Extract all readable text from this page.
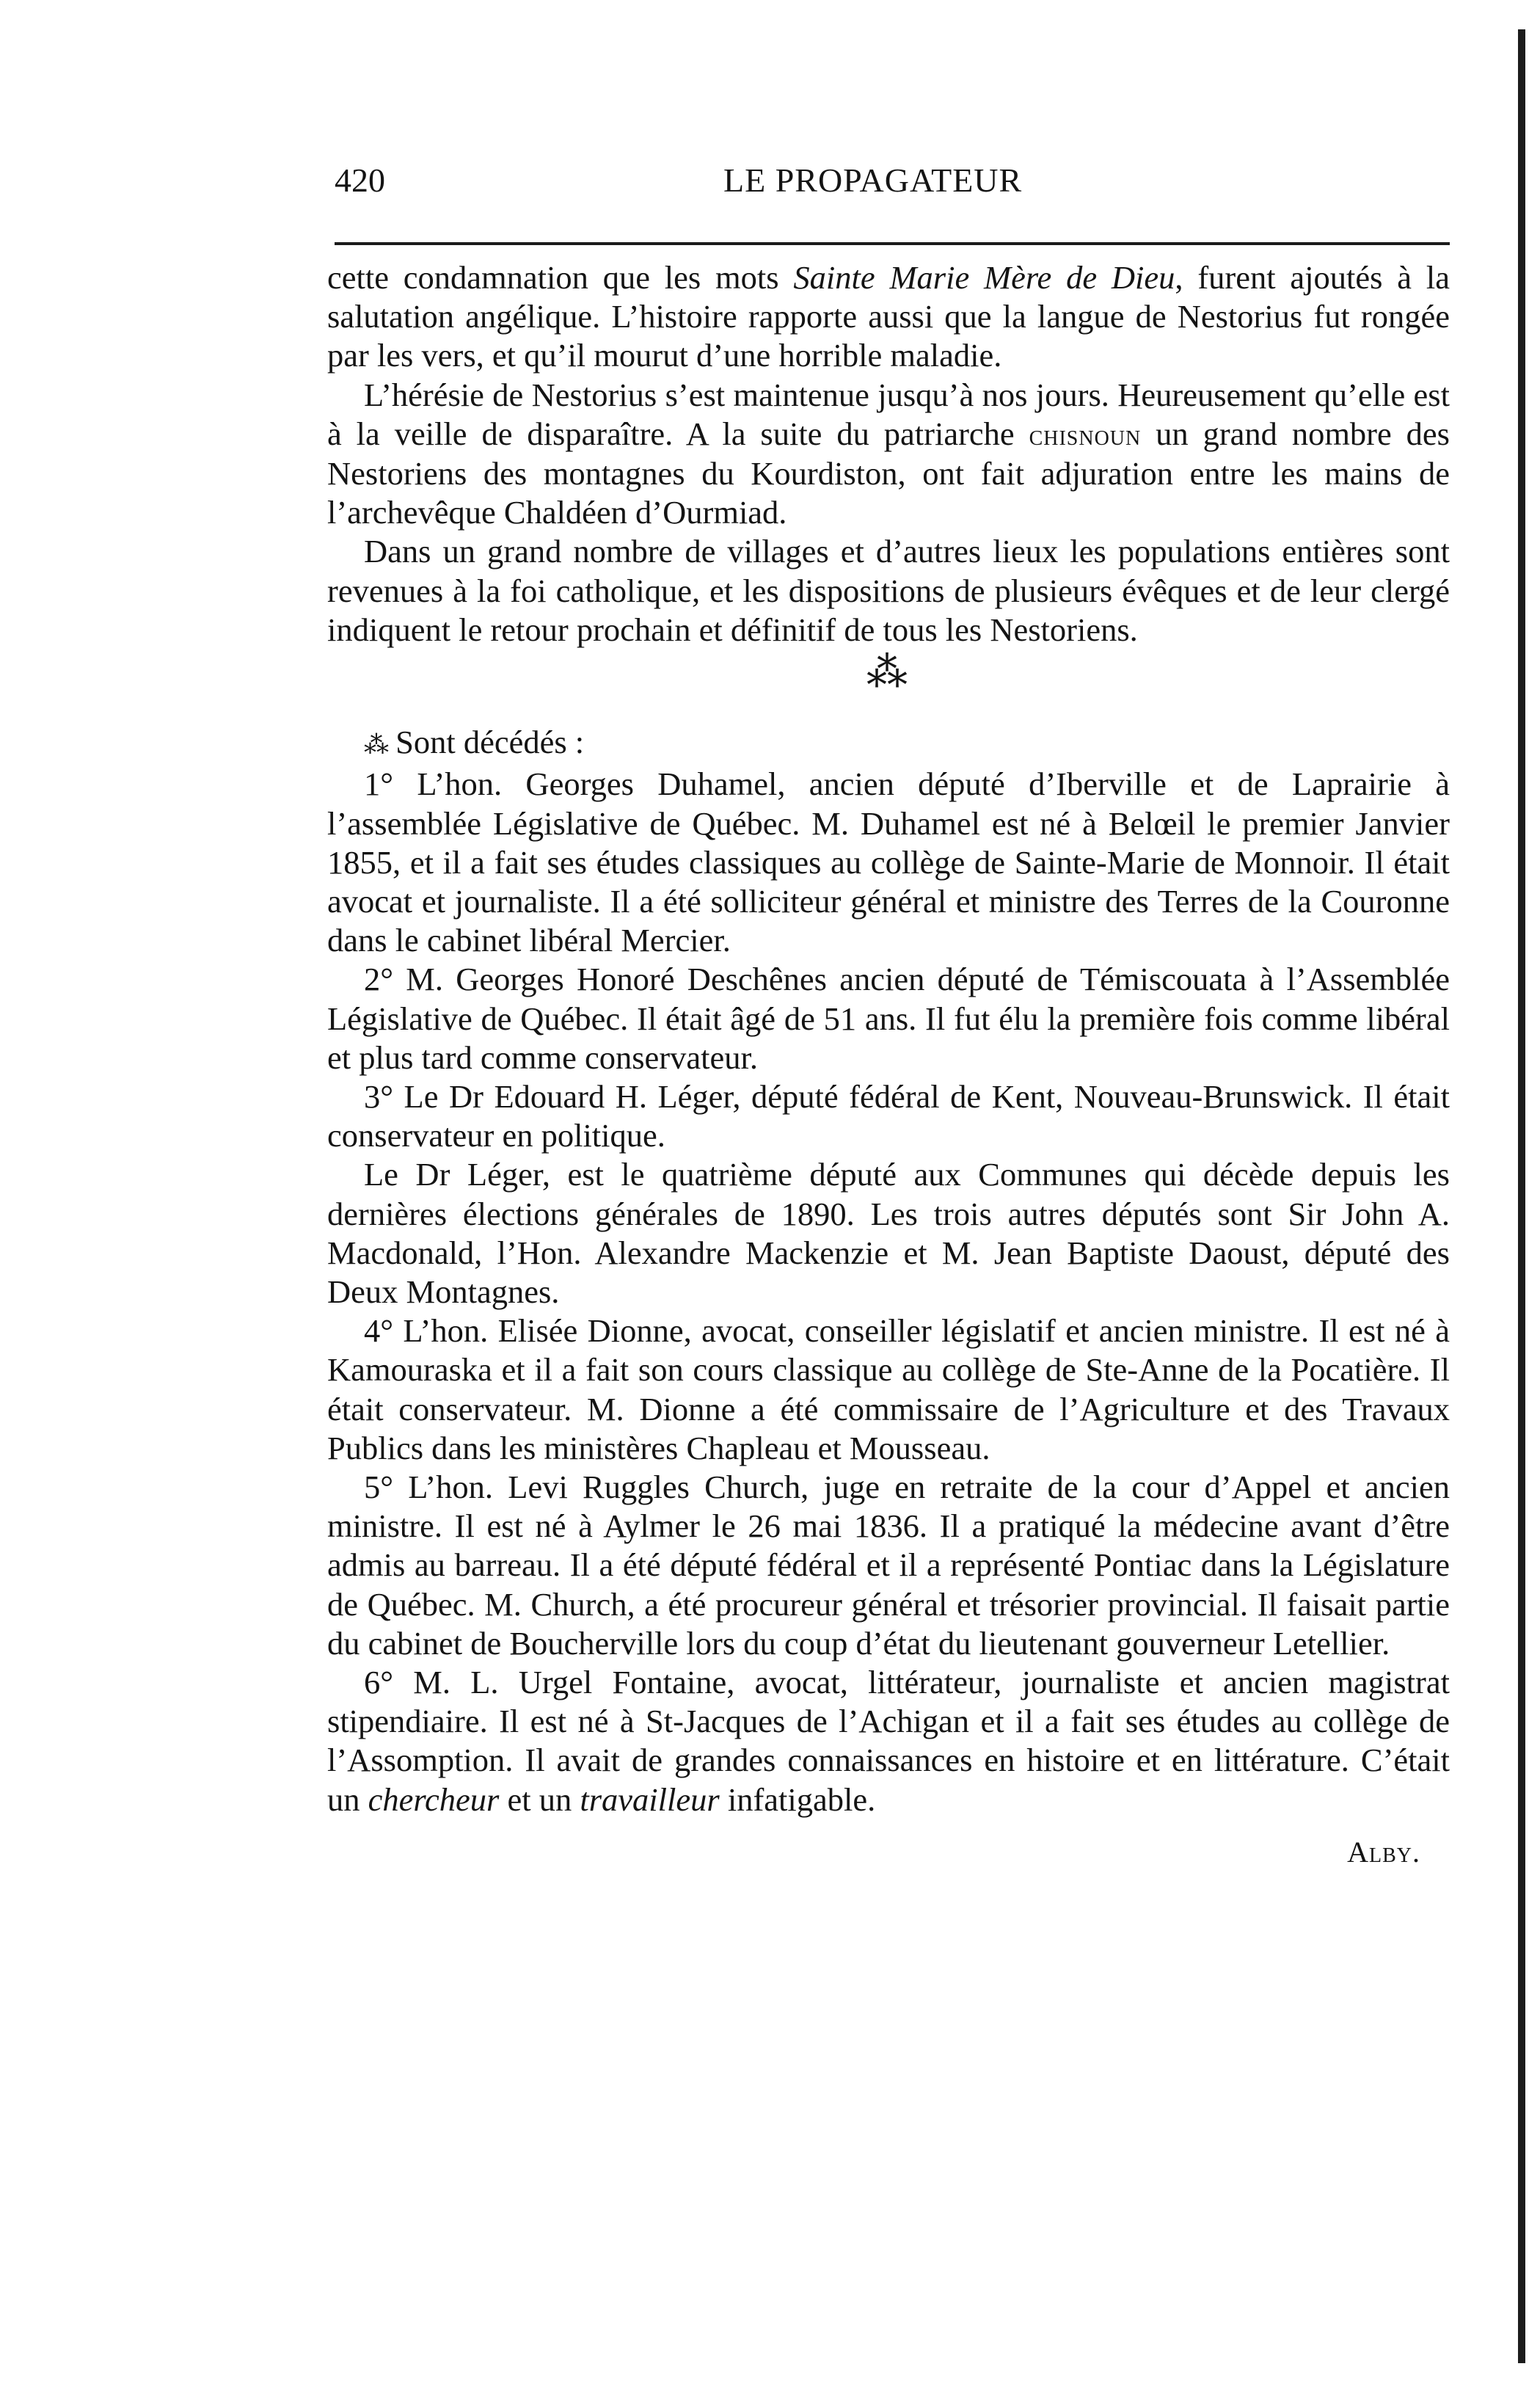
420	LE PROPAGATEUR

cette condamnation que les mots Sainte Marie Mère de Dieu, furent ajoutés à la salutation angélique. L’histoire rapporte aussi que la langue de Nestorius fut rongée par les vers, et qu’il mourut d’une horrible maladie.

L’hérésie de Nestorius s’est maintenue jusqu’à nos jours. Heureusement qu’elle est à la veille de disparaître. A la suite du patriarche chisnoun un grand nombre des Nestoriens des montagnes du Kourdiston, ont fait adjuration entre les mains de l’archevêque Chaldéen d’Ourmiad.

Dans un grand nombre de villages et d’autres lieux les populations entières sont revenues à la foi catholique, et les dispositions de plusieurs évêques et de leur clergé indiquent le retour prochain et définitif de tous les Nestoriens.

⁂

⁂ Sont décédés :

1° L’hon. Georges Duhamel, ancien député d’Iberville et de Laprairie à l’assemblée Législative de Québec. M. Duhamel est né à Belœil le premier Janvier 1855, et il a fait ses études classiques au collège de Sainte-Marie de Monnoir. Il était avocat et journaliste. Il a été solliciteur général et ministre des Terres de la Couronne dans le cabinet libéral Mercier.

2° M. Georges Honoré Deschênes ancien député de Témiscouata à l’Assemblée Législative de Québec. Il était âgé de 51 ans. Il fut élu la première fois comme libéral et plus tard comme conservateur.

3° Le Dr Edouard H. Léger, député fédéral de Kent, Nouveau-Brunswick. Il était conservateur en politique.

Le Dr Léger, est le quatrième député aux Communes qui décède depuis les dernières élections générales de 1890. Les trois autres députés sont Sir John A. Macdonald, l’Hon. Alexandre Mackenzie et M. Jean Baptiste Daoust, député des Deux Montagnes.

4° L’hon. Elisée Dionne, avocat, conseiller législatif et ancien ministre. Il est né à Kamouraska et il a fait son cours classique au collège de Ste-Anne de la Pocatière. Il était conservateur. M. Dionne a été commissaire de l’Agriculture et des Travaux Publics dans les ministères Chapleau et Mousseau.

5° L’hon. Levi Ruggles Church, juge en retraite de la cour d’Appel et ancien ministre. Il est né à Aylmer le 26 mai 1836. Il a pratiqué la médecine avant d’être admis au barreau. Il a été député fédéral et il a représenté Pontiac dans la Législature de Québec. M. Church, a été procureur général et trésorier provincial. Il faisait partie du cabinet de Boucherville lors du coup d’état du lieutenant gouverneur Letellier.

6° M. L. Urgel Fontaine, avocat, littérateur, journaliste et ancien magistrat stipendiaire. Il est né à St-Jacques de l’Achigan et il a fait ses études au collège de l’Assomption. Il avait de grandes connaissances en histoire et en littérature. C’était un chercheur et un travailleur infatigable.

Alby.
